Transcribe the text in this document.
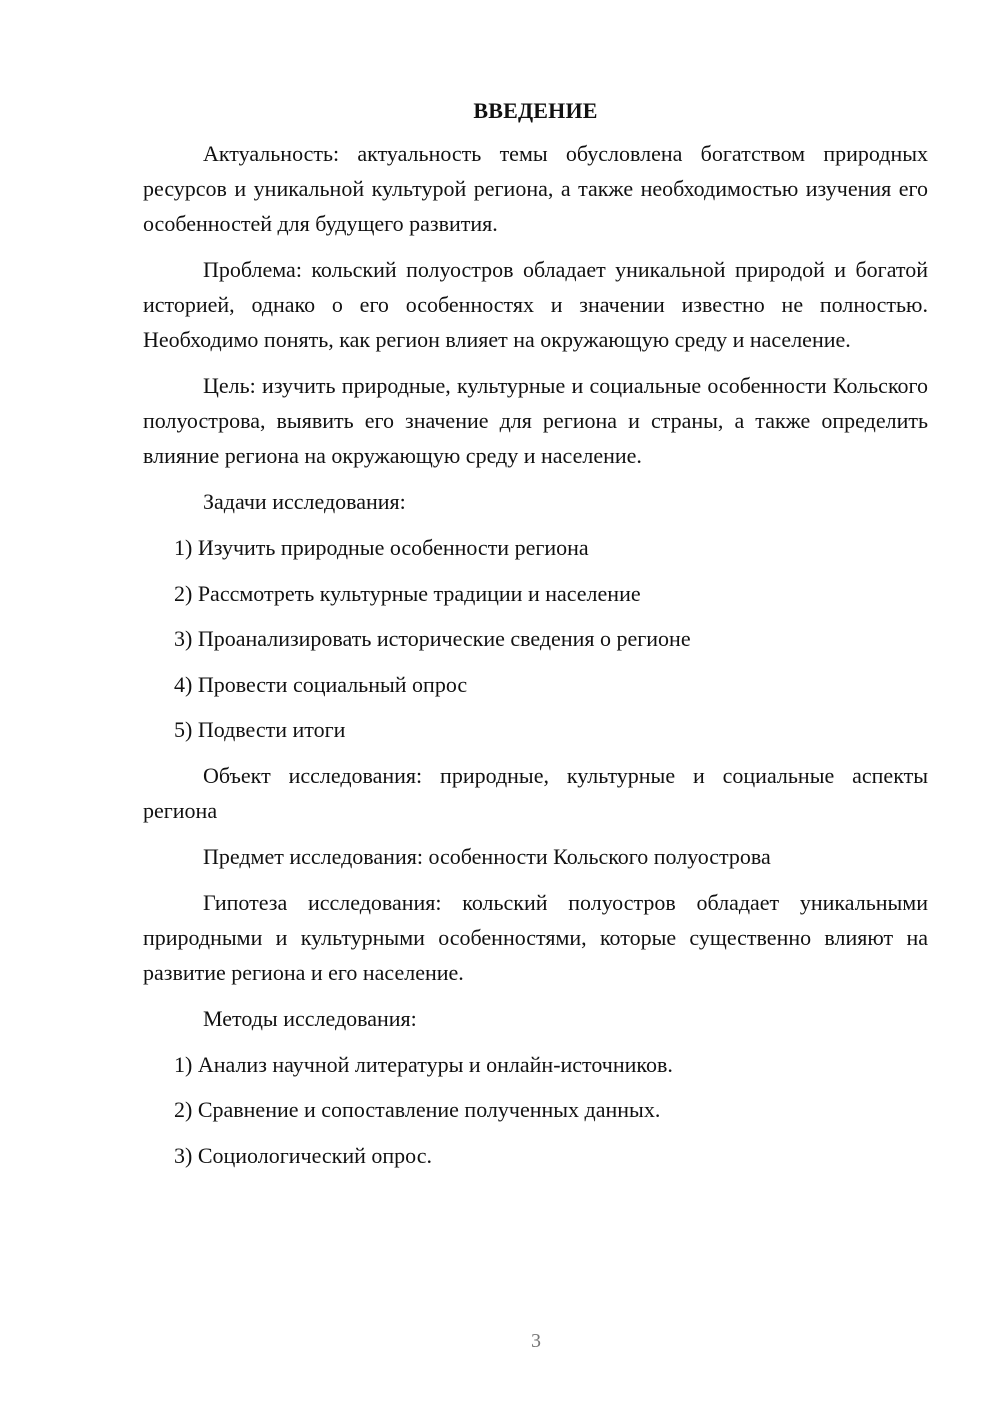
ВВЕДЕНИЕ

Актуальность: актуальность темы обусловлена богатством природных ресурсов и уникальной культурой региона, а также необходимостью изучения его особенностей для будущего развития.

Проблема: кольский полуостров обладает уникальной природой и богатой историей, однако о его особенностях и значении известно не полностью. Необходимо понять, как регион влияет на окружающую среду и население.

Цель: изучить природные, культурные и социальные особенности Кольского полуострова, выявить его значение для региона и страны, а также определить влияние региона на окружающую среду и население.

Задачи исследования:

1) Изучить природные особенности региона
2) Рассмотреть культурные традиции и население
3) Проанализировать исторические сведения о регионе
4) Провести социальный опрос
5) Подвести итоги

Объект исследования: природные, культурные и социальные аспекты региона

Предмет исследования: особенности Кольского полуострова

Гипотеза исследования: кольский полуостров обладает уникальными природными и культурными особенностями, которые существенно влияют на развитие региона и его население.

Методы исследования:

1) Анализ научной литературы и онлайн-источников.
2) Сравнение и сопоставление полученных данных.
3) Социологический опрос.
3
